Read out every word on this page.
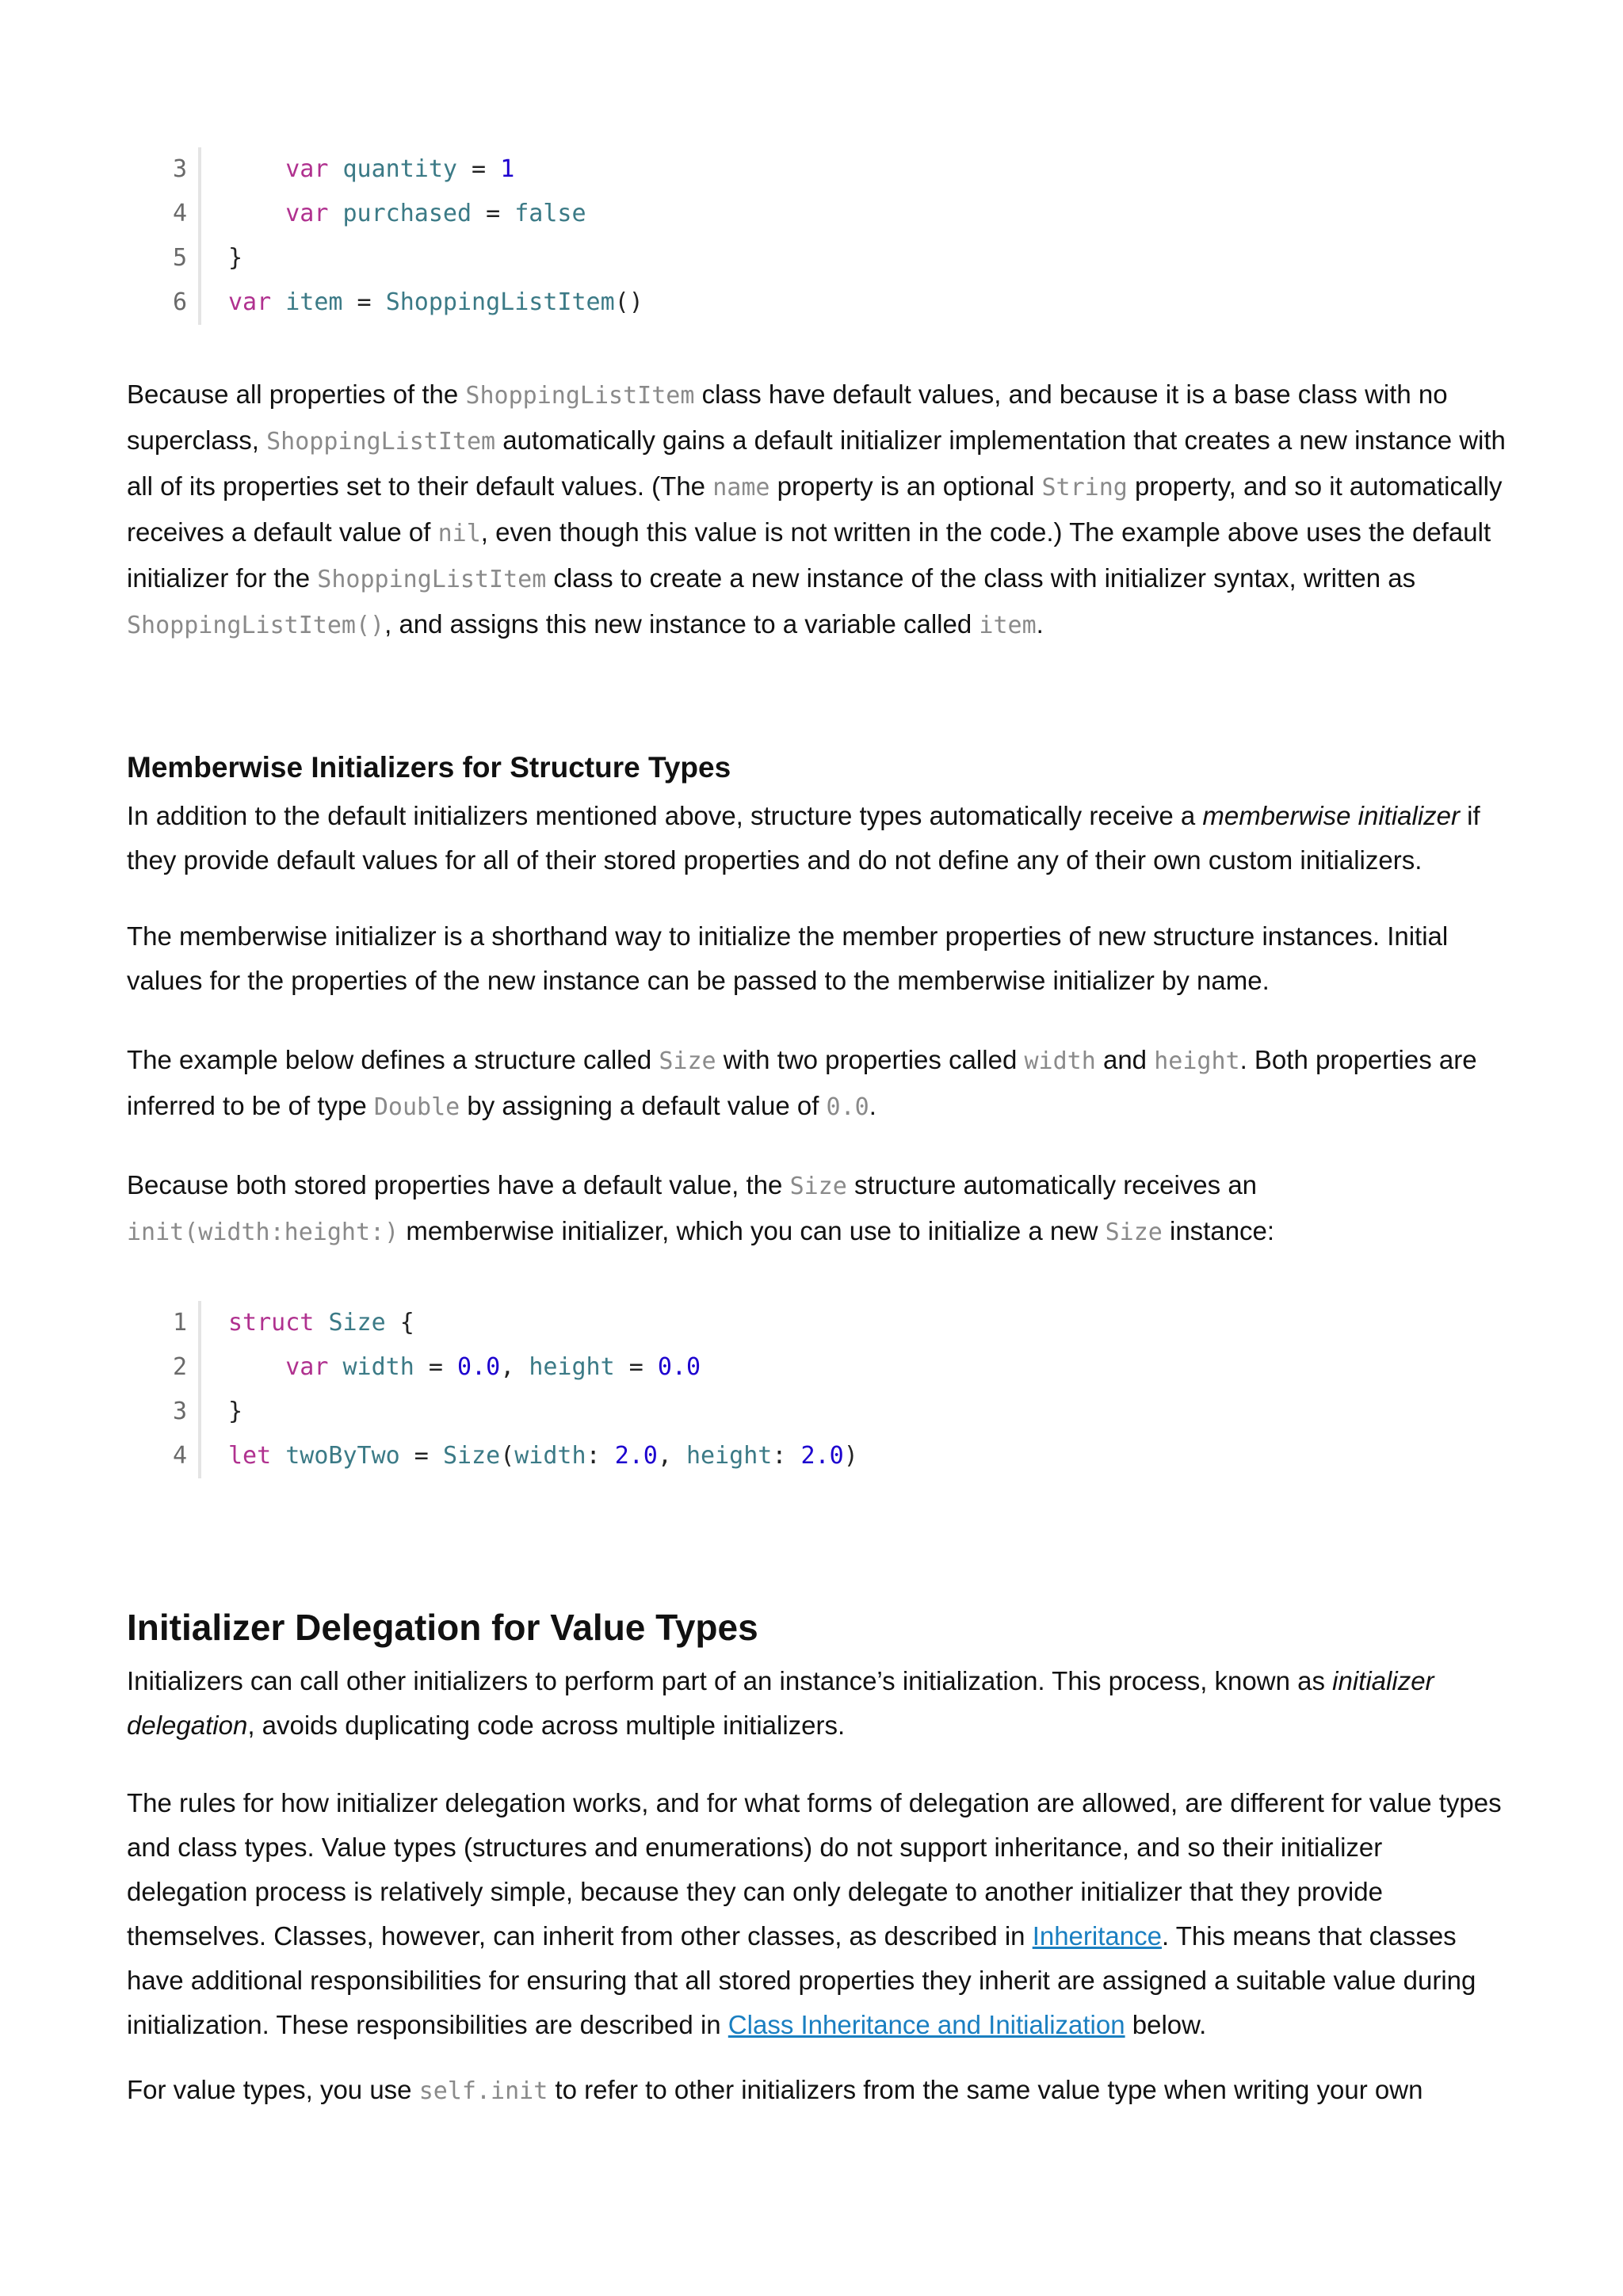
3	var quantity = 1
4	var purchased = false
5 }
6 var item = ShoppingListItem()

Because all properties of the ShoppingListItem class have default values, and because it is a base class with no superclass, ShoppingListItem automatically gains a default initializer implementation that creates a new instance with all of its properties set to their default values. (The name property is an optional String property, and so it automatically receives a default value of nil, even though this value is not written in the code.) The example above uses the default initializer for the ShoppingListItem class to create a new instance of the class with initializer syntax, written as ShoppingListItem(), and assigns this new instance to a variable called item.

Memberwise Initializers for Structure Types

In addition to the default initializers mentioned above, structure types automatically receive a memberwise initializer if they provide default values for all of their stored properties and do not define any of their own custom initializers.

The memberwise initializer is a shorthand way to initialize the member properties of new structure instances. Initial values for the properties of the new instance can be passed to the memberwise initializer by name.

The example below defines a structure called Size with two properties called width and height. Both properties are inferred to be of type Double by assigning a default value of 0.0.

Because both stored properties have a default value, the Size structure automatically receives an init(width:height:) memberwise initializer, which you can use to initialize a new Size instance:

1 struct Size {
2	var width = 0.0, height = 0.0
3 }
4 let twoByTwo = Size(width: 2.0, height: 2.0)
Initializer Delegation for Value Types

Initializers can call other initializers to perform part of an instance’s initialization. This process, known as initializer delegation, avoids duplicating code across multiple initializers.

The rules for how initializer delegation works, and for what forms of delegation are allowed, are different for value types and class types. Value types (structures and enumerations) do not support inheritance, and so their initializer delegation process is relatively simple, because they can only delegate to another initializer that they provide themselves. Classes, however, can inherit from other classes, as described in Inheritance. This means that classes have additional responsibilities for ensuring that all stored properties they inherit are assigned a suitable value during initialization. These responsibilities are described in Class Inheritance and Initialization below.

For value types, you use self.init to refer to other initializers from the same value type when writing your own
